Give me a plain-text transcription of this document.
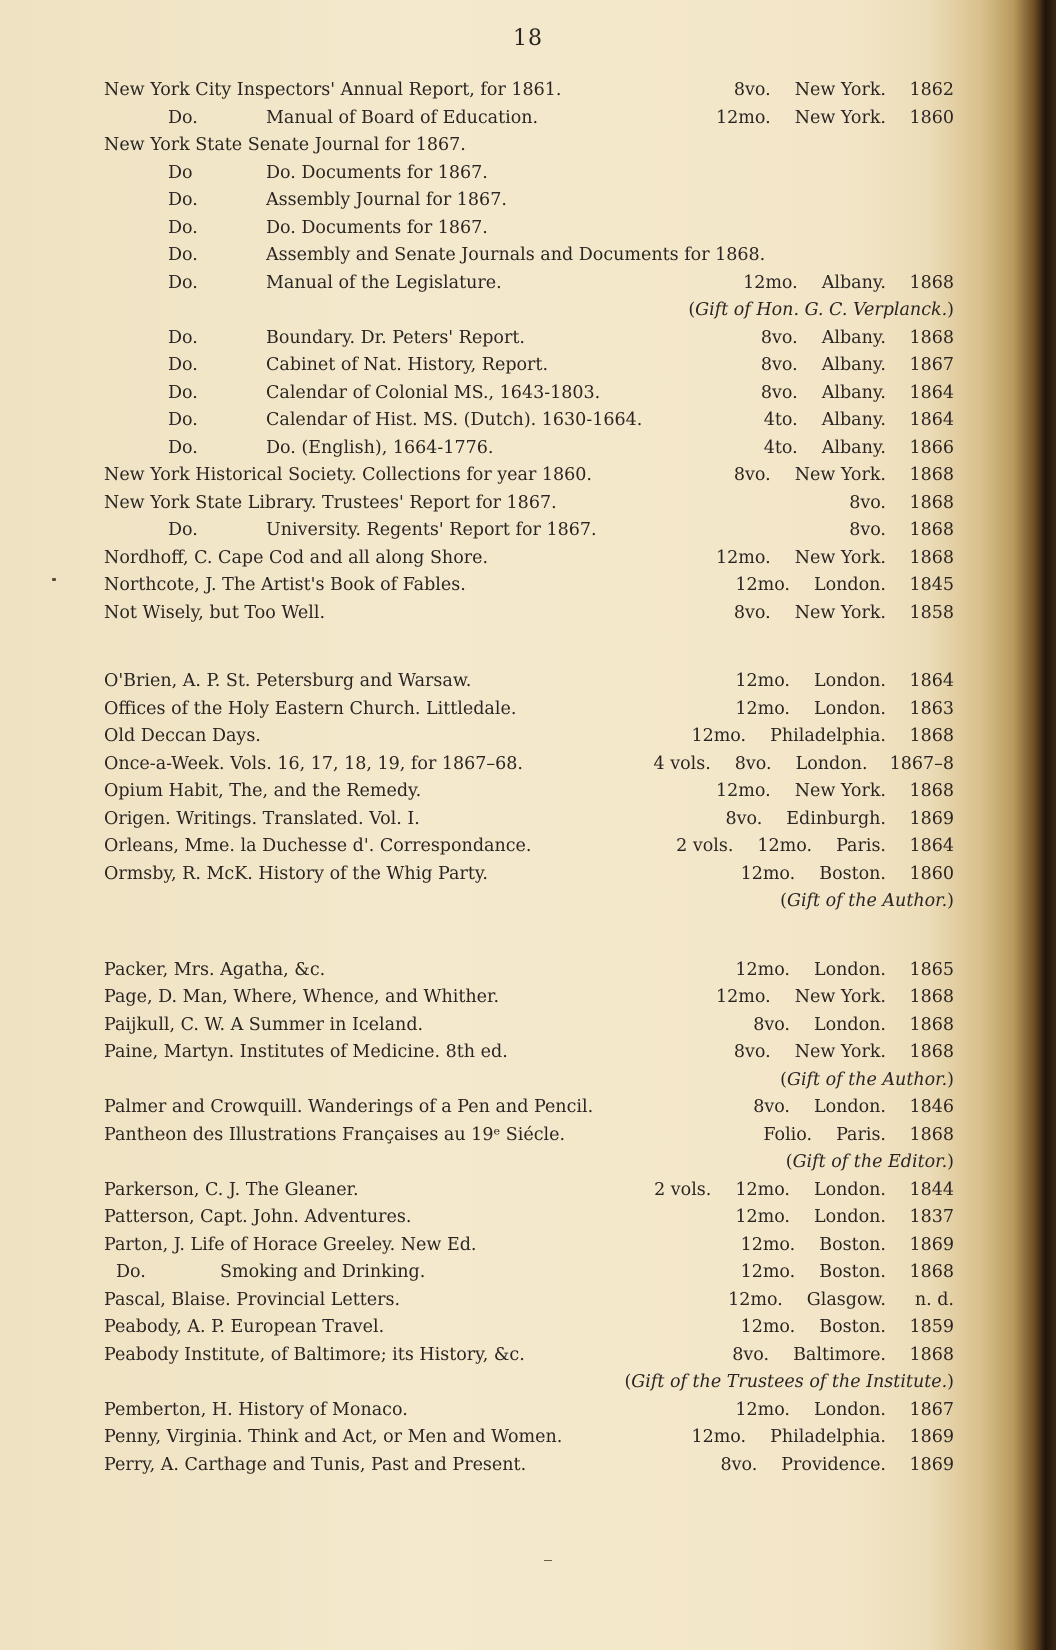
18
New York City Inspectors' Annual Report, for 1861.	8vo. New York. 1862
Do.	Manual of Board of Education.	12mo. New York. 1860
New York State Senate Journal for 1867.
Do	Do. Documents for 1867.
Do.	Assembly Journal for 1867.
Do.	Do. Documents for 1867.
Do.	Assembly and Senate Journals and Documents for 1868.
Do.	Manual of the Legislature.	12mo. Albany. 1868
(Gift of Hon. G. C. Verplanck.)
Do.	Boundary. Dr. Peters' Report.	8vo. Albany. 1868
Do.	Cabinet of Nat. History, Report.	8vo. Albany. 1867
Do.	Calendar of Colonial MS., 1643-1803.	8vo. Albany. 1864
Do.	Calendar of Hist. MS. (Dutch). 1630-1664.	4to. Albany. 1864
Do.	Do. (English), 1664-1776.	4to. Albany. 1866
New York Historical Society. Collections for year 1860.	8vo. New York. 1868
New York State Library. Trustees' Report for 1867.	8vo. 1868
Do.	University. Regents' Report for 1867.	8vo. 1868
Nordhoff, C. Cape Cod and all along Shore.	12mo. New York. 1868
Northcote, J. The Artist's Book of Fables.	12mo. London. 1845
Not Wisely, but Too Well.	8vo. New York. 1858
O'Brien, A. P. St. Petersburg and Warsaw.	12mo. London. 1864
Offices of the Holy Eastern Church. Littledale.	12mo. London. 1863
Old Deccan Days.	12mo. Philadelphia. 1868
Once-a-Week. Vols. 16, 17, 18, 19, for 1867–68.	4 vols. 8vo. London. 1867–8
Opium Habit, The, and the Remedy.	12mo. New York. 1868
Origen. Writings. Translated. Vol. I.	8vo. Edinburgh. 1869
Orleans, Mme. la Duchesse d'. Correspondance.	2 vols. 12mo. Paris. 1864
Ormsby, R. McK. History of the Whig Party.	12mo. Boston. 1860
(Gift of the Author.)
Packer, Mrs. Agatha, &c.	12mo. London. 1865
Page, D. Man, Where, Whence, and Whither.	12mo. New York. 1868
Paijkull, C. W. A Summer in Iceland.	8vo. London. 1868
Paine, Martyn. Institutes of Medicine. 8th ed.	8vo. New York. 1868
(Gift of the Author.)
Palmer and Crowquill. Wanderings of a Pen and Pencil.	8vo. London. 1846
Pantheon des Illustrations Françaises au 19ᵉ Siécle.	Folio. Paris. 1868
(Gift of the Editor.)
Parkerson, C. J. The Gleaner.	2 vols. 12mo. London. 1844
Patterson, Capt. John. Adventures.	12mo. London. 1837
Parton, J. Life of Horace Greeley. New Ed.	12mo. Boston. 1869
Do.	Smoking and Drinking.	12mo. Boston. 1868
Pascal, Blaise. Provincial Letters.	12mo. Glasgow. n. d.
Peabody, A. P. European Travel.	12mo. Boston. 1859
Peabody Institute, of Baltimore; its History, &c.	8vo. Baltimore. 1868
(Gift of the Trustees of the Institute.)
Pemberton, H. History of Monaco.	12mo. London. 1867
Penny, Virginia. Think and Act, or Men and Women.	12mo. Philadelphia. 1869
Perry, A. Carthage and Tunis, Past and Present.	8vo. Providence. 1869
